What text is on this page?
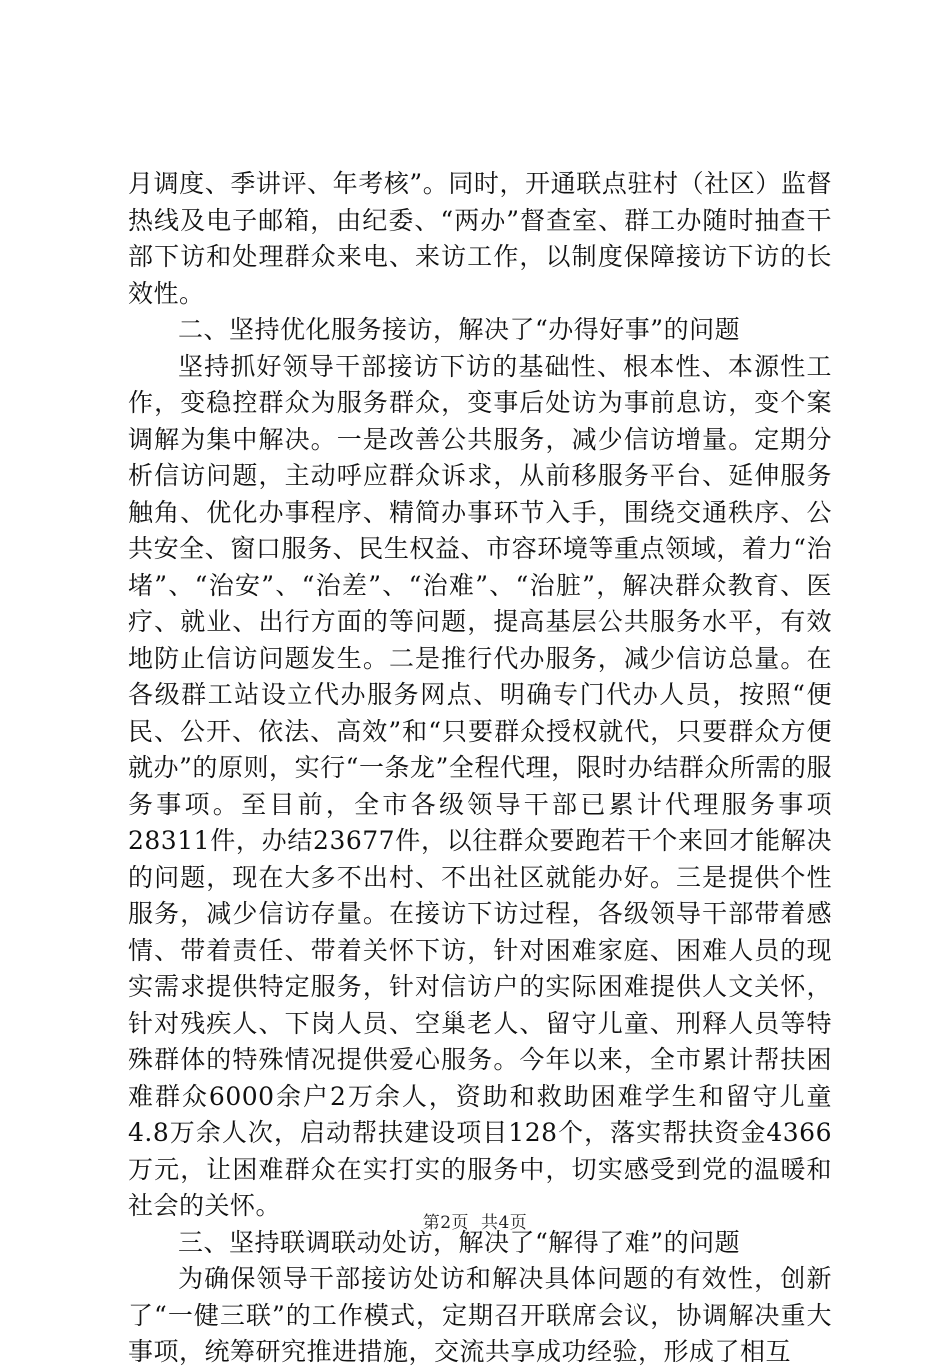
月调度、季讲评、年考核”。同时，开通联点驻村（社区）监督热线及电子邮箱，由纪委、“两办”督查室、群工办随时抽查干部下访和处理群众来电、来访工作，以制度保障接访下访的长效性。

二、坚持优化服务接访，解决了“办得好事”的问题

坚持抓好领导干部接访下访的基础性、根本性、本源性工作，变稳控群众为服务群众，变事后处访为事前息访，变个案调解为集中解决。一是改善公共服务，减少信访增量。定期分析信访问题，主动呼应群众诉求，从前移服务平台、延伸服务触角、优化办事程序、精简办事环节入手，围绕交通秩序、公共安全、窗口服务、民生权益、市容环境等重点领域，着力“治堵”、“治安”、“治差”、“治难”、“治脏”，解决群众教育、医疗、就业、出行方面的等问题，提高基层公共服务水平，有效地防止信访问题发生。二是推行代办服务，减少信访总量。在各级群工站设立代办服务网点、明确专门代办人员，按照“便民、公开、依法、高效”和“只要群众授权就代，只要群众方便就办”的原则，实行“一条龙”全程代理，限时办结群众所需的服务事项。至目前，全市各级领导干部已累计代理服务事项28311件，办结23677件，以往群众要跑若干个来回才能解决的问题，现在大多不出村、不出社区就能办好。三是提供个性服务，减少信访存量。在接访下访过程，各级领导干部带着感情、带着责任、带着关怀下访，针对困难家庭、困难人员的现实需求提供特定服务，针对信访户的实际困难提供人文关怀，针对残疾人、下岗人员、空巢老人、留守儿童、刑释人员等特殊群体的特殊情况提供爱心服务。今年以来，全市累计帮扶困难群众6000余户2万余人，资助和救助困难学生和留守儿童4.8万余人次，启动帮扶建设项目128个，落实帮扶资金4366万元，让困难群众在实打实的服务中，切实感受到党的温暖和社会的关怀。

三、坚持联调联动处访，解决了“解得了难”的问题

为确保领导干部接访处访和解决具体问题的有效性，创新了“一健三联”的工作模式，定期召开联席会议，协调解决重大事项，统筹研究推进措施，交流共享成功经验，形成了相互

第2页 共4页
